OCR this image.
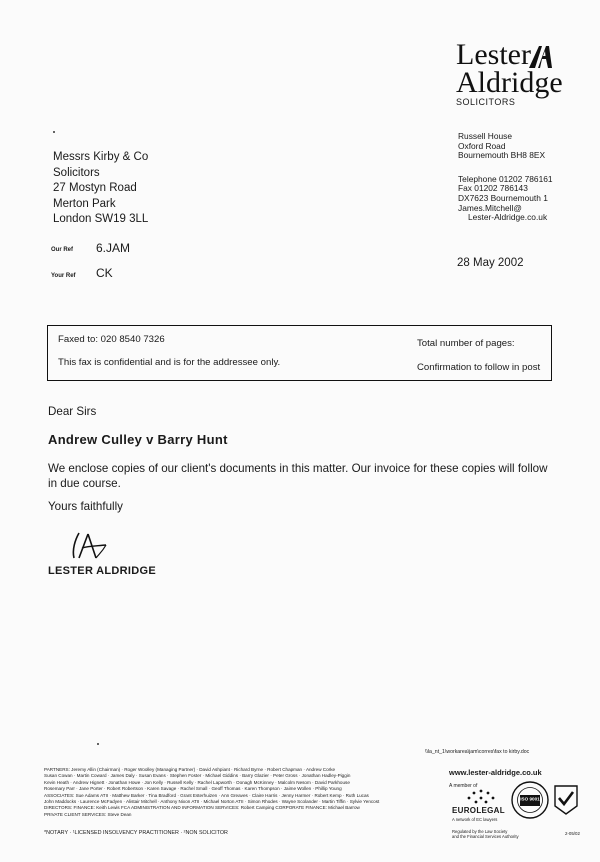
Lester
Aldridge
SOLICITORS
Russell House
Oxford Road
Bournemouth BH8 8EX
Telephone 01202 786161
Fax 01202 786143
DX7623 Bournemouth 1
James.Mitchell@
Lester-Aldridge.co.uk
Messrs Kirby & Co
Solicitors
27 Mostyn Road
Merton Park
London SW19 3LL
Our Ref 6.JAM
Your Ref CK
28 May 2002
Faxed to: 020 8540 7326
This fax is confidential and is for the addressee only.
Total number of pages:
Confirmation to follow in post
Dear Sirs
Andrew Culley v Barry Hunt
We enclose copies of our client's documents in this matter. Our invoice for these copies will follow
in due course.
Yours faithfully
l/A
LESTER ALDRIDGE
\\la_nt_1\workarea\jam\corres\fax to kirby.doc
PARTNERS: Jeremy Allin (Chairman) · Roger Woolley (Managing Partner) · David Ashpiant · Richard Byrne · Robert Chapman · Andrew Corke
Susan Cowan · Martin Coward · James Daly · Susan Evans · Stephen Foster · Michael Giddins · Barry Glazier · Peter Gross · Jonathan Hadley-Piggin
Kevin Heath · Andrew Hignett · Jonathan Howe · Jon Kelly · Russell Kelly · Rachel Lapworth · Oonagh McKinney · Malcolm Nesom · David Parkhouse
Rosemary Parr · Jane Porter · Robert Robertson · Karen Savage · Rachel Small · Geoff Thomas · Karen Thompson · Jaime Wollen · Phillip Young
ASSOCIATES: Sue Adams ATII · Matthew Barker · Tina Bradford · Grant Esterhuizen · Ann Greaves · Claire Harris · Jenny Harmer · Robert Kemp · Ruth Lucas
John Maddocks · Laurence McFadyen · Alistair Mitchell · Anthony Nixon ATII · Michael Norton ATII · Simon Rhodes · Wayne Scolander · Martin Tiffin · Sylvie Yencost
DIRECTORS: FINANCE: Keith Lewis FCA ADMINISTRATION AND INFORMATION SERVICES: Robert Camping CORPORATE FINANCE: Michael Barrow
PRIVATE CLIENT SERVICES: Steve Dean
*NOTARY · ¹LICENSED INSOLVENCY PRACTITIONER · ²NON SOLICITOR
www.lester-aldridge.co.uk
A member of
EUROLEGAL
A network of EC lawyers
ISO 9001
Regulated by the Law Society
and the Financial Services Authority
2-05/02
